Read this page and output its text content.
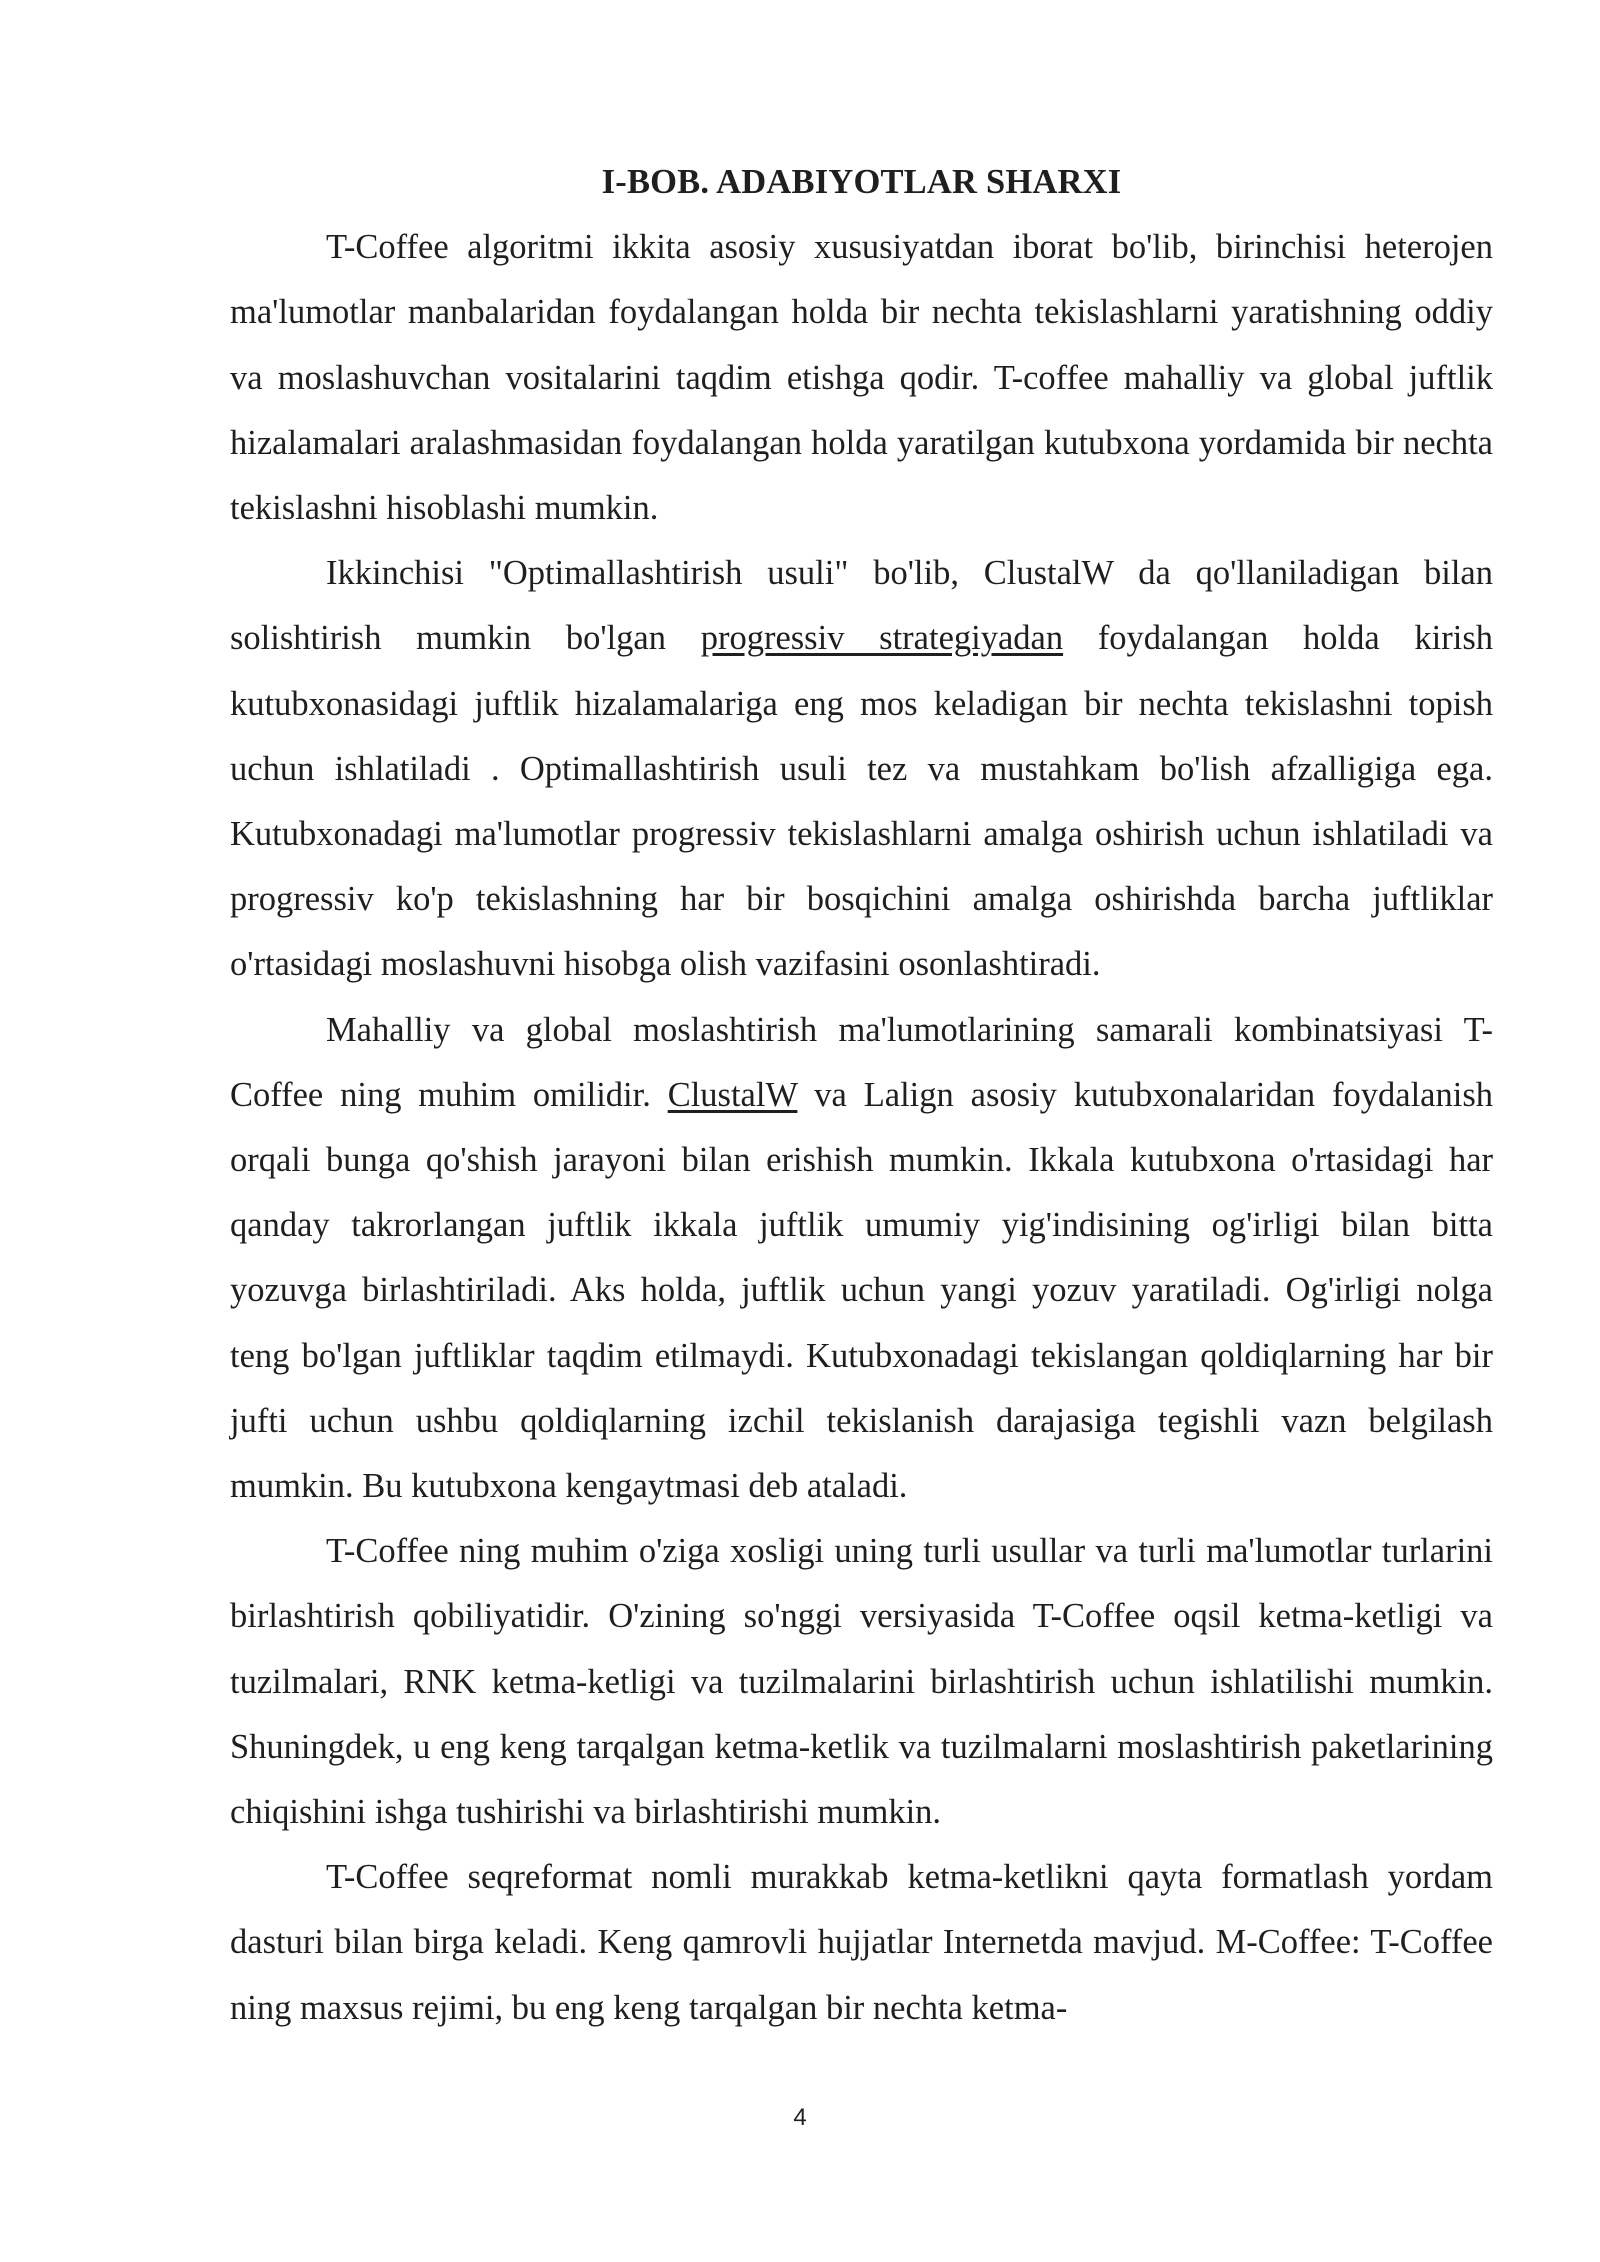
I-BOB. ADABIYOTLAR SHARXI

T-Coffee algoritmi ikkita asosiy xususiyatdan iborat bo'lib, birinchisi heterojen ma'lumotlar manbalaridan foydalangan holda bir nechta tekislashlarni yaratishning oddiy va moslashuvchan vositalarini taqdim etishga qodir. T-coffee mahalliy va global juftlik hizalamalari aralashmasidan foydalangan holda yaratilgan kutubxona yordamida bir nechta tekislashni hisoblashi mumkin.

Ikkinchisi "Optimallashtirish usuli" bo'lib, ClustalW da qo'llaniladigan bilan solishtirish mumkin bo'lgan progressiv strategiyadan foydalangan holda kirish kutubxonasidagi juftlik hizalamalariga eng mos keladigan bir nechta tekislashni topish uchun ishlatiladi . Optimallashtirish usuli tez va mustahkam bo'lish afzalligiga ega. Kutubxonadagi ma'lumotlar progressiv tekislashlarni amalga oshirish uchun ishlatiladi va progressiv ko'p tekislashning har bir bosqichini amalga oshirishda barcha juftliklar o'rtasidagi moslashuvni hisobga olish vazifasini osonlashtiradi.

Mahalliy va global moslashtirish ma'lumotlarining samarali kombinatsiyasi T-Coffee ning muhim omilidir. ClustalW va Lalign asosiy kutubxonalaridan foydalanish orqali bunga qo'shish jarayoni bilan erishish mumkin. Ikkala kutubxona o'rtasidagi har qanday takrorlangan juftlik ikkala juftlik umumiy yig'indisining og'irligi bilan bitta yozuvga birlashtiriladi. Aks holda, juftlik uchun yangi yozuv yaratiladi. Og'irligi nolga teng bo'lgan juftliklar taqdim etilmaydi. Kutubxonadagi tekislangan qoldiqlarning har bir jufti uchun ushbu qoldiqlarning izchil tekislanish darajasiga tegishli vazn belgilash mumkin. Bu kutubxona kengaytmasi deb ataladi.

T-Coffee ning muhim o'ziga xosligi uning turli usullar va turli ma'lumotlar turlarini birlashtirish qobiliyatidir. O'zining so'nggi versiyasida T-Coffee oqsil ketma-ketligi va tuzilmalari, RNK ketma-ketligi va tuzilmalarini birlashtirish uchun ishlatilishi mumkin. Shuningdek, u eng keng tarqalgan ketma-ketlik va tuzilmalarni moslashtirish paketlarining chiqishini ishga tushirishi va birlashtirishi mumkin.

T-Coffee seqreformat nomli murakkab ketma-ketlikni qayta formatlash yordam dasturi bilan birga keladi. Keng qamrovli hujjatlar Internetda mavjud. M-Coffee: T-Coffee ning maxsus rejimi, bu eng keng tarqalgan bir nechta ketma-

4
